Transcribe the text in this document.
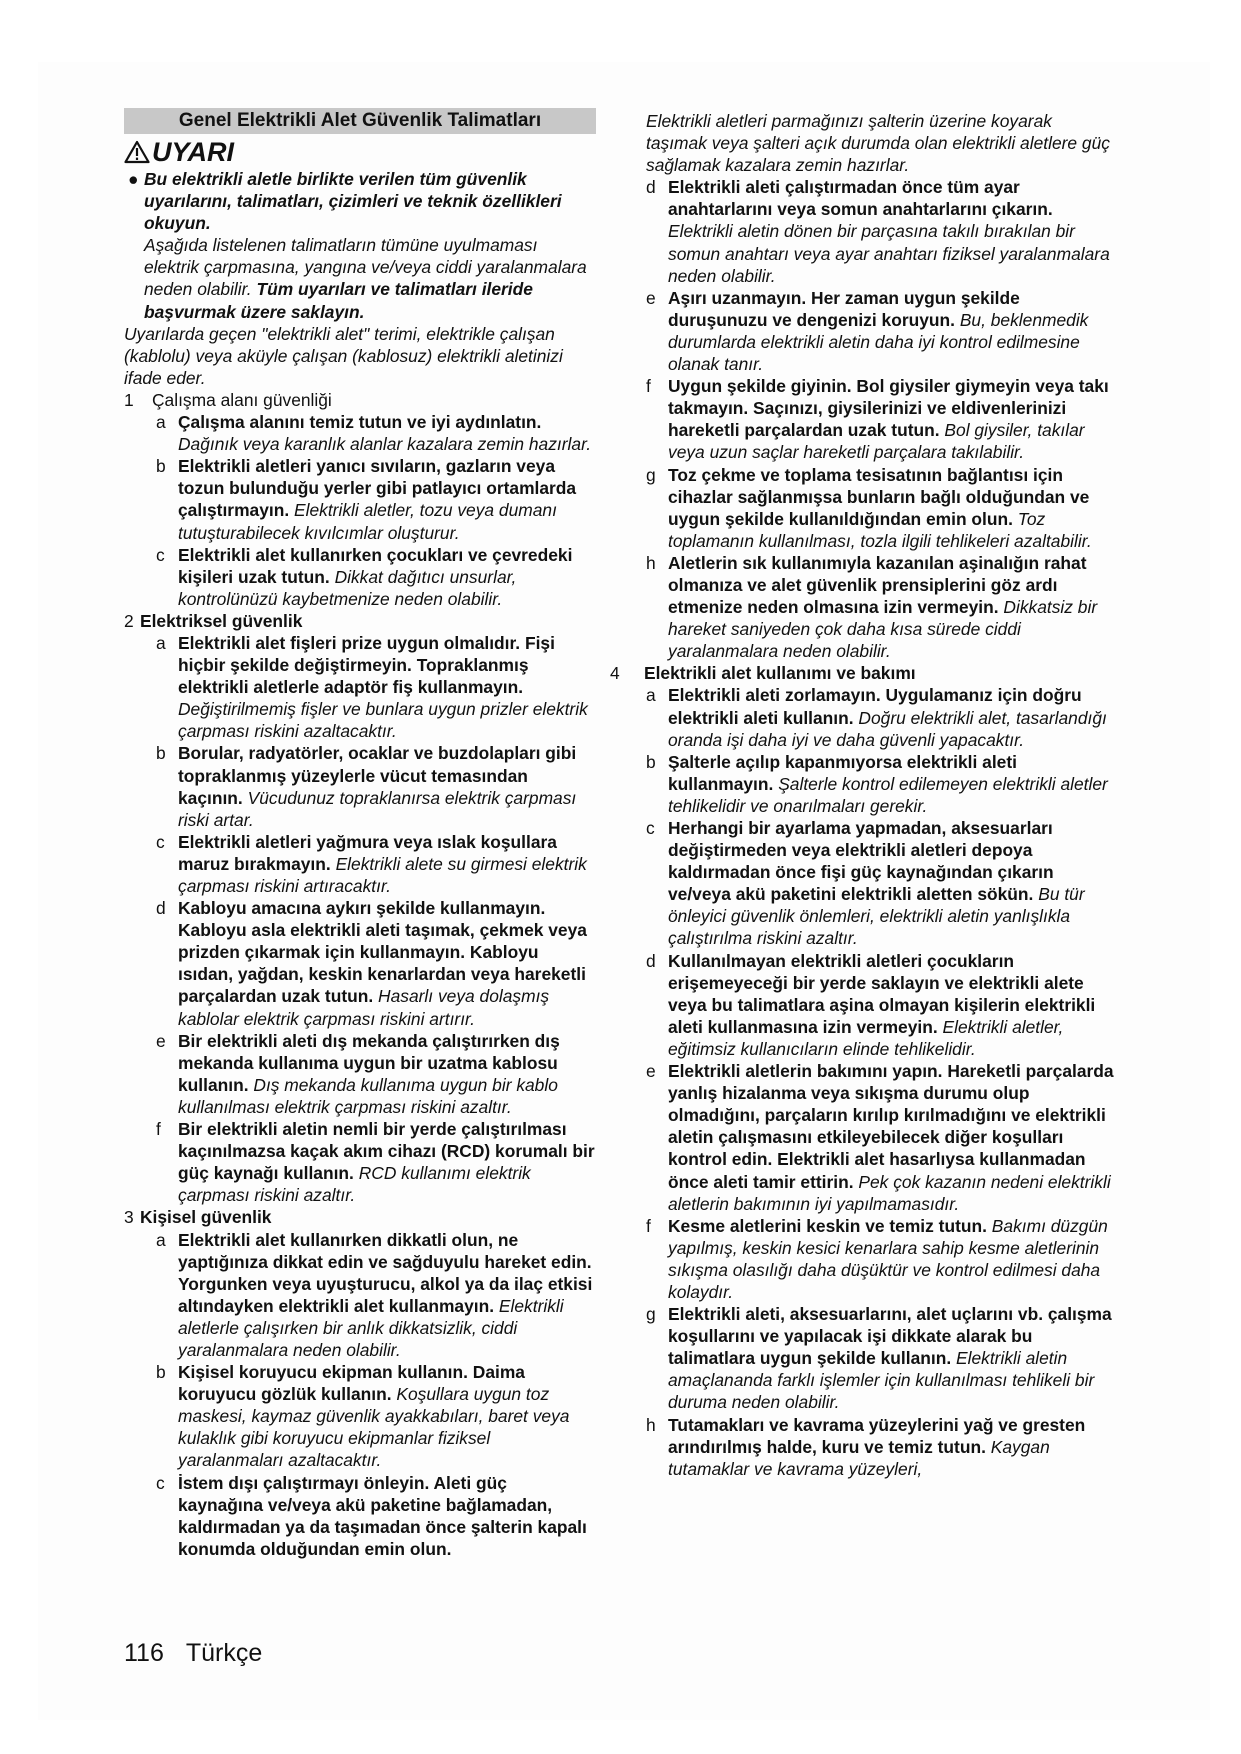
Genel Elektrikli Alet Güvenlik Talimatları
UYARI
● Bu elektrikli aletle birlikte verilen tüm güvenlik uyarılarını, talimatları, çizimleri ve teknik özellikleri okuyun.
Aşağıda listelenen talimatların tümüne uyulmaması elektrik çarpmasına, yangına ve/veya ciddi yaralanmalara neden olabilir. Tüm uyarıları ve talimatları ileride başvurmak üzere saklayın.

Uyarılarda geçen "elektrikli alet" terimi, elektrikle çalışan (kablolu) veya aküyle çalışan (kablosuz) elektrikli aletinizi ifade eder.

1 Çalışma alanı güvenliği
a Çalışma alanını temiz tutun ve iyi aydınlatın. Dağınık veya karanlık alanlar kazalara zemin hazırlar.
b Elektrikli aletleri yanıcı sıvıların, gazların veya tozun bulunduğu yerler gibi patlayıcı ortamlarda çalıştırmayın. Elektrikli aletler, tozu veya dumanı tutuşturabilecek kıvılcımlar oluşturur.
c Elektrikli alet kullanırken çocukları ve çevredeki kişileri uzak tutun. Dikkat dağıtıcı unsurlar, kontrolünüzü kaybetmenize neden olabilir.
2 Elektriksel güvenlik
a Elektrikli alet fişleri prize uygun olmalıdır. Fişi hiçbir şekilde değiştirmeyin. Topraklanmış elektrikli aletlerle adaptör fiş kullanmayın. Değiştirilmemiş fişler ve bunlara uygun prizler elektrik çarpması riskini azaltacaktır.
b Borular, radyatörler, ocaklar ve buzdolapları gibi topraklanmış yüzeylerle vücut temasından kaçının. Vücudunuz topraklanırsa elektrik çarpması riski artar.
c Elektrikli aletleri yağmura veya ıslak koşullara maruz bırakmayın. Elektrikli alete su girmesi elektrik çarpması riskini artıracaktır.
d Kabloyu amacına aykırı şekilde kullanmayın. Kabloyu asla elektrikli aleti taşımak, çekmek veya prizden çıkarmak için kullanmayın. Kabloyu ısıdan, yağdan, keskin kenarlardan veya hareketli parçalardan uzak tutun. Hasarlı veya dolaşmış kablolar elektrik çarpması riskini artırır.
e Bir elektrikli aleti dış mekanda çalıştırırken dış mekanda kullanıma uygun bir uzatma kablosu kullanın. Dış mekanda kullanıma uygun bir kablo kullanılması elektrik çarpması riskini azaltır.
f Bir elektrikli aletin nemli bir yerde çalıştırılması kaçınılmazsa kaçak akım cihazı (RCD) korumalı bir güç kaynağı kullanın. RCD kullanımı elektrik çarpması riskini azaltır.
3 Kişisel güvenlik
a Elektrikli alet kullanırken dikkatli olun, ne yaptığınıza dikkat edin ve sağduyulu hareket edin. Yorgunken veya uyuşturucu, alkol ya da ilaç etkisi altındayken elektrikli alet kullanmayın. Elektrikli aletlerle çalışırken bir anlık dikkatsizlik, ciddi yaralanmalara neden olabilir.
b Kişisel koruyucu ekipman kullanın. Daima koruyucu gözlük kullanın. Koşullara uygun toz maskesi, kaymaz güvenlik ayakkabıları, baret veya kulaklık gibi koruyucu ekipmanlar fiziksel yaralanmaları azaltacaktır.
c İstem dışı çalıştırmayı önleyin. Aleti güç kaynağına ve/veya akü paketine bağlamadan, kaldırmadan ya da taşımadan önce şalterin kapalı konumda olduğundan emin olun.

Elektrikli aletleri parmağınızı şalterin üzerine koyarak taşımak veya şalteri açık durumda olan elektrikli aletlere güç sağlamak kazalara zemin hazırlar.

d Elektrikli aleti çalıştırmadan önce tüm ayar anahtarlarını veya somun anahtarlarını çıkarın. Elektrikli aletin dönen bir parçasına takılı bırakılan bir somun anahtarı veya ayar anahtarı fiziksel yaralanmalara neden olabilir.
e Aşırı uzanmayın. Her zaman uygun şekilde duruşunuzu ve dengenizi koruyun. Bu, beklenmedik durumlarda elektrikli aletin daha iyi kontrol edilmesine olanak tanır.
f Uygun şekilde giyinin. Bol giysiler giymeyin veya takı takmayın. Saçınızı, giysilerinizi ve eldivenlerinizi hareketli parçalardan uzak tutun. Bol giysiler, takılar veya uzun saçlar hareketli parçalara takılabilir.
g Toz çekme ve toplama tesisatının bağlantısı için cihazlar sağlanmışsa bunların bağlı olduğundan ve uygun şekilde kullanıldığından emin olun. Toz toplamanın kullanılması, tozla ilgili tehlikeleri azaltabilir.
h Aletlerin sık kullanımıyla kazanılan aşinalığın rahat olmanıza ve alet güvenlik prensiplerini göz ardı etmenize neden olmasına izin vermeyin. Dikkatsiz bir hareket saniyeden çok daha kısa sürede ciddi yaralanmalara neden olabilir.
4 Elektrikli alet kullanımı ve bakımı
a Elektrikli aleti zorlamayın. Uygulamanız için doğru elektrikli aleti kullanın. Doğru elektrikli alet, tasarlandığı oranda işi daha iyi ve daha güvenli yapacaktır.
b Şalterle açılıp kapanmıyorsa elektrikli aleti kullanmayın. Şalterle kontrol edilemeyen elektrikli aletler tehlikelidir ve onarılmaları gerekir.
c Herhangi bir ayarlama yapmadan, aksesuarları değiştirmeden veya elektrikli aletleri depoya kaldırmadan önce fişi güç kaynağından çıkarın ve/veya akü paketini elektrikli aletten sökün. Bu tür önleyici güvenlik önlemleri, elektrikli aletin yanlışlıkla çalıştırılma riskini azaltır.
d Kullanılmayan elektrikli aletleri çocukların erişemeyeceği bir yerde saklayın ve elektrikli alete veya bu talimatlara aşina olmayan kişilerin elektrikli aleti kullanmasına izin vermeyin. Elektrikli aletler, eğitimsiz kullanıcıların elinde tehlikelidir.
e Elektrikli aletlerin bakımını yapın. Hareketli parçalarda yanlış hizalanma veya sıkışma durumu olup olmadığını, parçaların kırılıp kırılmadığını ve elektrikli aletin çalışmasını etkileyebilecek diğer koşulları kontrol edin. Elektrikli alet hasarlıysa kullanmadan önce aleti tamir ettirin. Pek çok kazanın nedeni elektrikli aletlerin bakımının iyi yapılmamasıdır.
f Kesme aletlerini keskin ve temiz tutun. Bakımı düzgün yapılmış, keskin kesici kenarlara sahip kesme aletlerinin sıkışma olasılığı daha düşüktür ve kontrol edilmesi daha kolaydır.
g Elektrikli aleti, aksesuarlarını, alet uçlarını vb. çalışma koşullarını ve yapılacak işi dikkate alarak bu talimatlara uygun şekilde kullanın. Elektrikli aletin amaçlananda farklı işlemler için kullanılması tehlikeli bir duruma neden olabilir.
h Tutamakları ve kavrama yüzeylerini yağ ve gresten arındırılmış halde, kuru ve temiz tutun. Kaygan tutamaklar ve kavrama yüzeyleri,
116 Türkçe
